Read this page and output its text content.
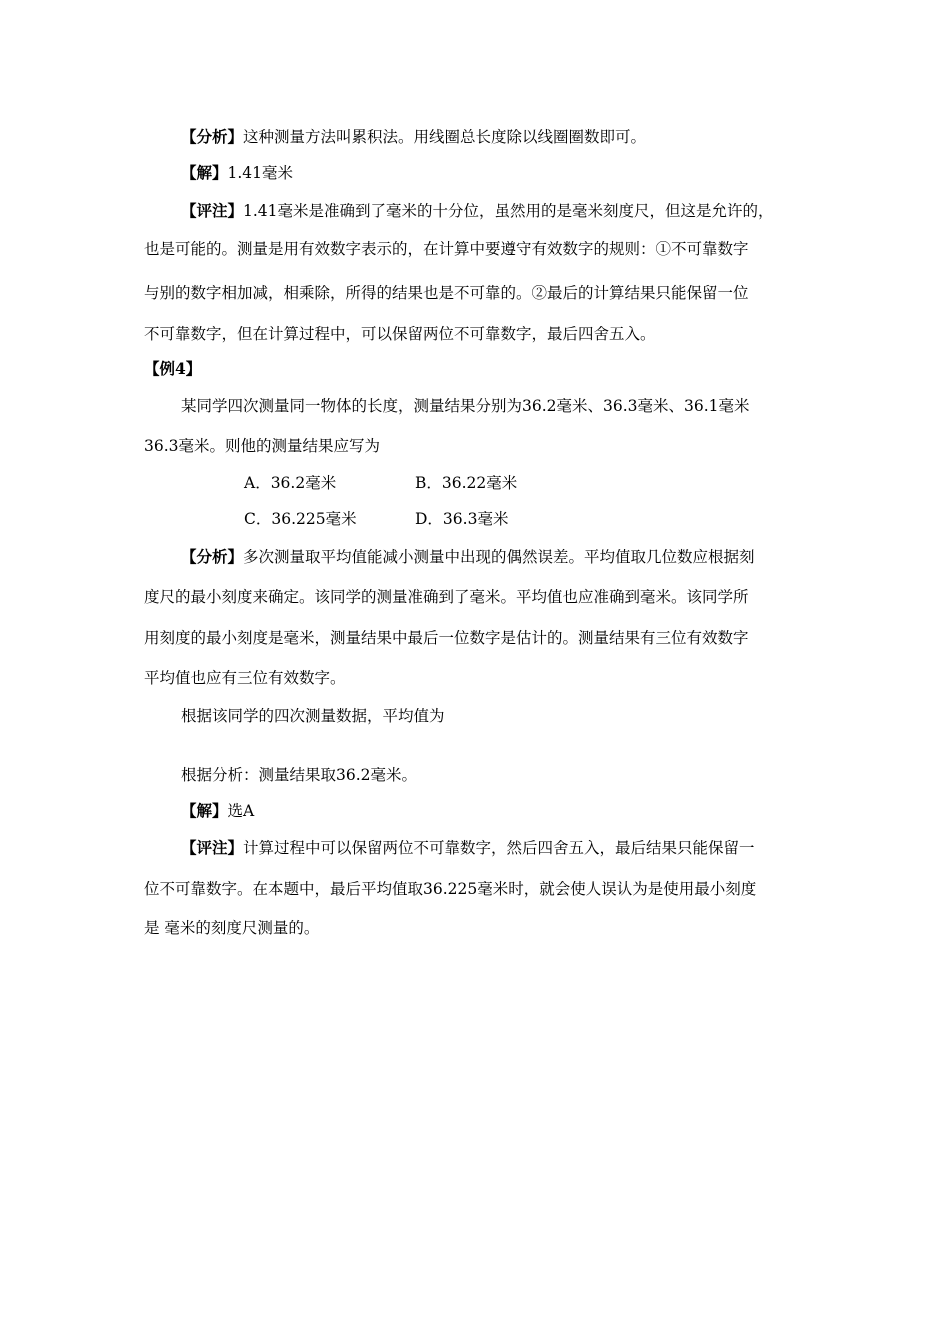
【分析】这种测量方法叫累积法。用线圈总长度除以线圈圈数即可。
【解】1.41毫米
【评注】1.41毫米是准确到了毫米的十分位，虽然用的是毫米刻度尺，但这是允许的，
也是可能的。测量是用有效数字表示的，在计算中要遵守有效数字的规则：①不可靠数字
与别的数字相加减，相乘除，所得的结果也是不可靠的。②最后的计算结果只能保留一位
不可靠数字，但在计算过程中，可以保留两位不可靠数字，最后四舍五入。
【例4】
某同学四次测量同一物体的长度，测量结果分别为36.2毫米、36.3毫米、36.1毫米
36.3毫米。则他的测量结果应写为
A．36.2毫米	B．36.22毫米
C．36.225毫米	D．36.3毫米
【分析】多次测量取平均值能减小测量中出现的偶然误差。平均值取几位数应根据刻
度尺的最小刻度来确定。该同学的测量准确到了毫米。平均值也应准确到毫米。该同学所
用刻度的最小刻度是毫米，测量结果中最后一位数字是估计的。测量结果有三位有效数字
平均值也应有三位有效数字。
根据该同学的四次测量数据，平均值为
根据分析：测量结果取36.2毫米。
【解】选A
【评注】计算过程中可以保留两位不可靠数字，然后四舍五入，最后结果只能保留一
位不可靠数字。在本题中，最后平均值取36.225毫米时，就会使人误认为是使用最小刻度
是 毫米的刻度尺测量的。
